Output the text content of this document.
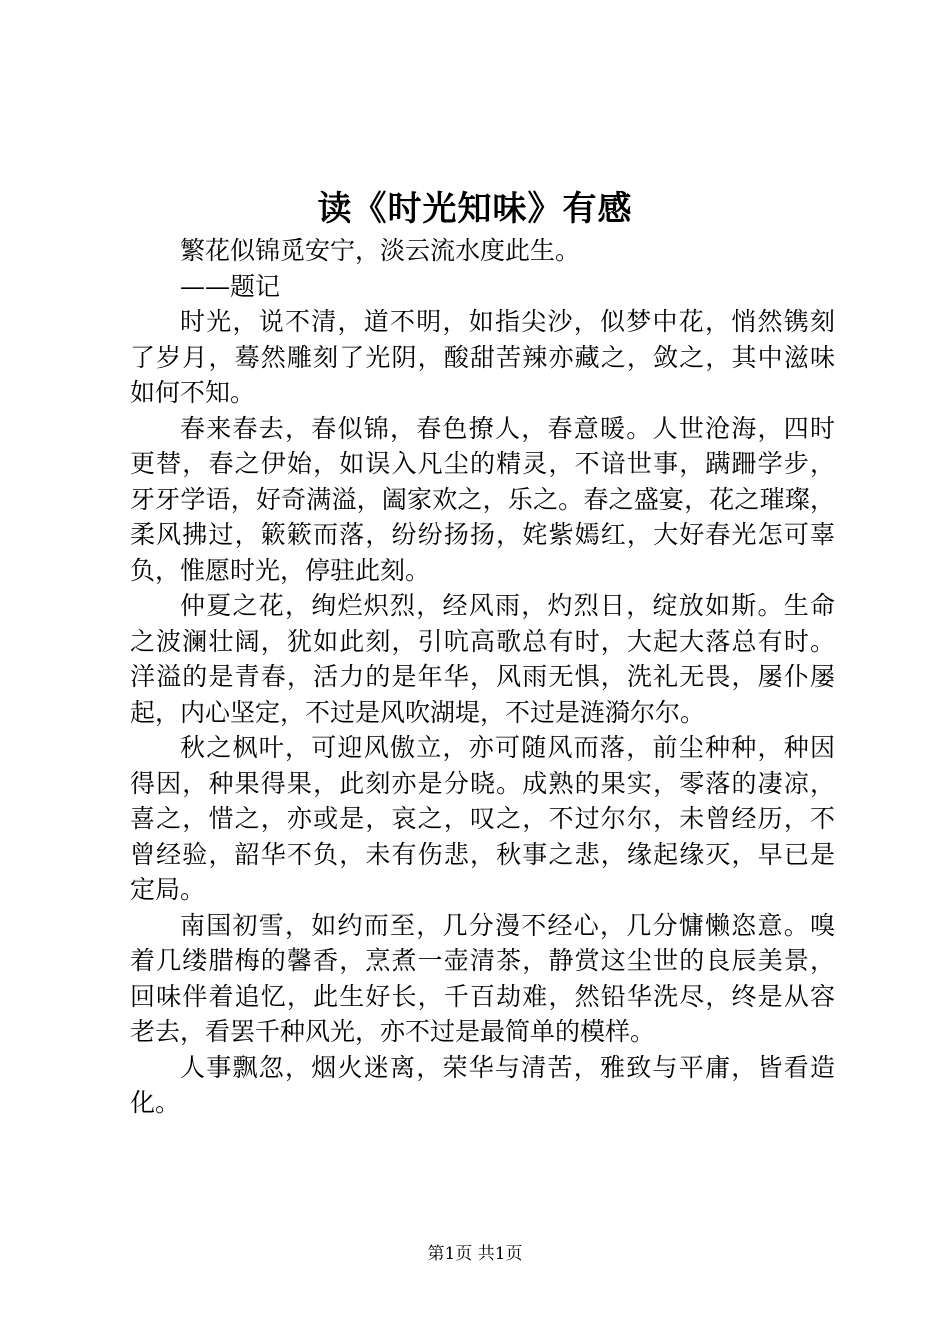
读《时光知味》有感
繁花似锦觅安宁，淡云流水度此生。
——题记
时光，说不清，道不明，如指尖沙，似梦中花，悄然镌刻
了岁月，蓦然雕刻了光阴，酸甜苦辣亦藏之，敛之，其中滋味
如何不知。
春来春去，春似锦，春色撩人，春意暖。人世沧海，四时
更替，春之伊始，如误入凡尘的精灵，不谙世事，蹒跚学步，
牙牙学语，好奇满溢，阖家欢之，乐之。春之盛宴，花之璀璨，
柔风拂过，簌簌而落，纷纷扬扬，姹紫嫣红，大好春光怎可辜
负，惟愿时光，停驻此刻。
仲夏之花，绚烂炽烈，经风雨，灼烈日，绽放如斯。生命
之波澜壮阔，犹如此刻，引吭高歌总有时，大起大落总有时。
洋溢的是青春，活力的是年华，风雨无惧，洗礼无畏，屡仆屡
起，内心坚定，不过是风吹湖堤，不过是涟漪尔尔。
秋之枫叶，可迎风傲立，亦可随风而落，前尘种种，种因
得因，种果得果，此刻亦是分晓。成熟的果实，零落的凄凉，
喜之，惜之，亦或是，哀之，叹之，不过尔尔，未曾经历，不
曾经验，韶华不负，未有伤悲，秋事之悲，缘起缘灭，早已是
定局。
南国初雪，如约而至，几分漫不经心，几分慵懒恣意。嗅
着几缕腊梅的馨香，烹煮一壶清茶，静赏这尘世的良辰美景，
回味伴着追忆，此生好长，千百劫难，然铅华洗尽，终是从容
老去，看罢千种风光，亦不过是最简单的模样。
人事飘忽，烟火迷离，荣华与清苦，雅致与平庸，皆看造
化。
第1页 共1页
